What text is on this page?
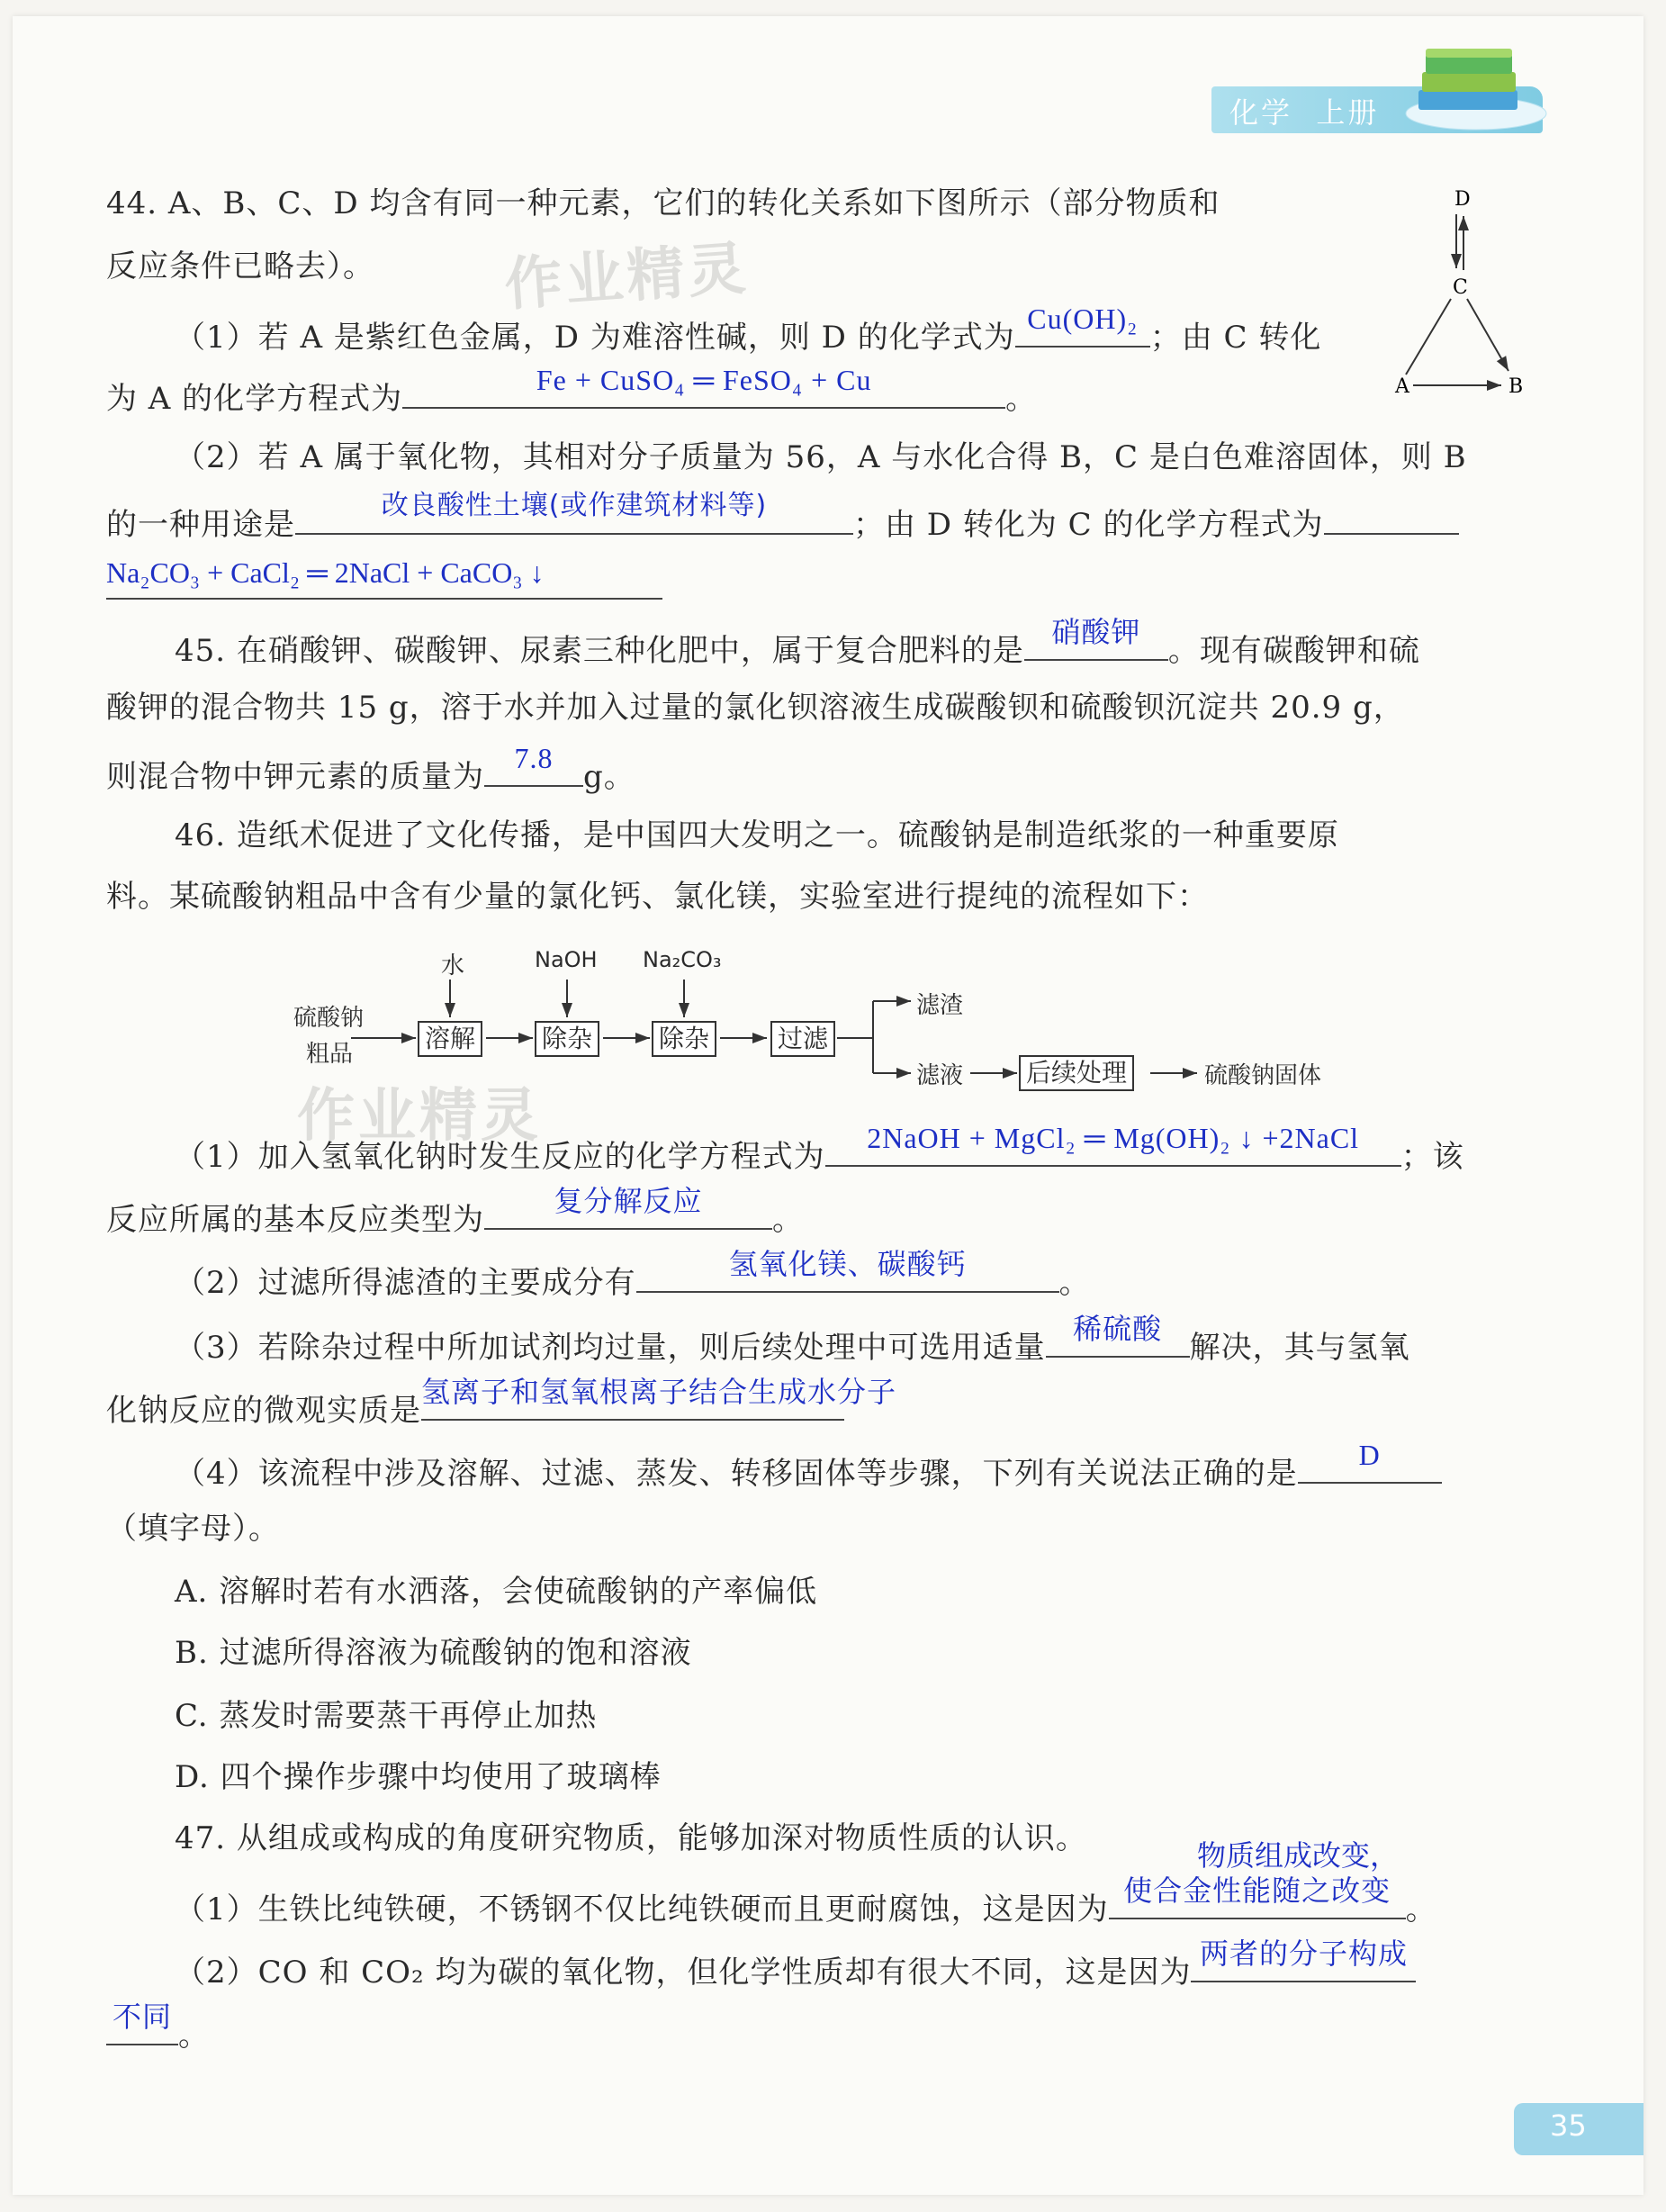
化学 上册
作业精灵
作业精灵
44. A、B、C、D 均含有同一种元素，它们的转化关系如下图所示（部分物质和
反应条件已略去）。
D
C
A	B
（1）若 A 是紫红色金属，D 为难溶性碱，则 D 的化学式为
Cu(OH)₂
；由 C 转化
为 A 的化学方程式为
Fe + CuSO₄ ═ FeSO₄ + Cu
。
（2）若 A 属于氧化物，其相对分子质量为 56，A 与水化合得 B，C 是白色难溶固体，则 B
的一种用途是
改良酸性土壤(或作建筑材料等)
；由 D 转化为 C 的化学方程式为
Na₂CO₃ + CaCl₂ ═ 2NaCl + CaCO₃ ↓
45. 在硝酸钾、碳酸钾、尿素三种化肥中，属于复合肥料的是
硝酸钾
。现有碳酸钾和硫
酸钾的混合物共 15 g，溶于水并加入过量的氯化钡溶液生成碳酸钡和硫酸钡沉淀共 20.9 g，
则混合物中钾元素的质量为
7.8
g。
46. 造纸术促进了文化传播，是中国四大发明之一。硫酸钠是制造纸浆的一种重要原
料。某硫酸钠粗品中含有少量的氯化钙、氯化镁，实验室进行提纯的流程如下：
硫酸钠
粗品
水	NaOH Na₂CO₃
溶解	除杂	除杂	过滤
滤渣
滤液 后续处理	硫酸钠固体
（1）加入氢氧化钠时发生反应的化学方程式为
2NaOH + MgCl₂ ═ Mg(OH)₂ ↓ +2NaCl
；该
反应所属的基本反应类型为
复分解反应
。
（2）过滤所得滤渣的主要成分有
氢氧化镁、碳酸钙
。
（3）若除杂过程中所加试剂均过量，则后续处理中可选用适量
稀硫酸
解决，其与氢氧
化钠反应的微观实质是
氢离子和氢氧根离子结合生成水分子
（4）该流程中涉及溶解、过滤、蒸发、转移固体等步骤，下列有关说法正确的是
D
（填字母）。
A. 溶解时若有水洒落，会使硫酸钠的产率偏低
B. 过滤所得溶液为硫酸钠的饱和溶液
C. 蒸发时需要蒸干再停止加热
D. 四个操作步骤中均使用了玻璃棒
47. 从组成或构成的角度研究物质，能够加深对物质性质的认识。	物质组成改变，
（1）生铁比纯铁硬，不锈钢不仅比纯铁硬而且更耐腐蚀，这是因为
使合金性能随之改变
。
（2）CO 和 CO₂ 均为碳的氧化物，但化学性质却有很大不同，这是因为
两者的分子构成
不同
。
35
